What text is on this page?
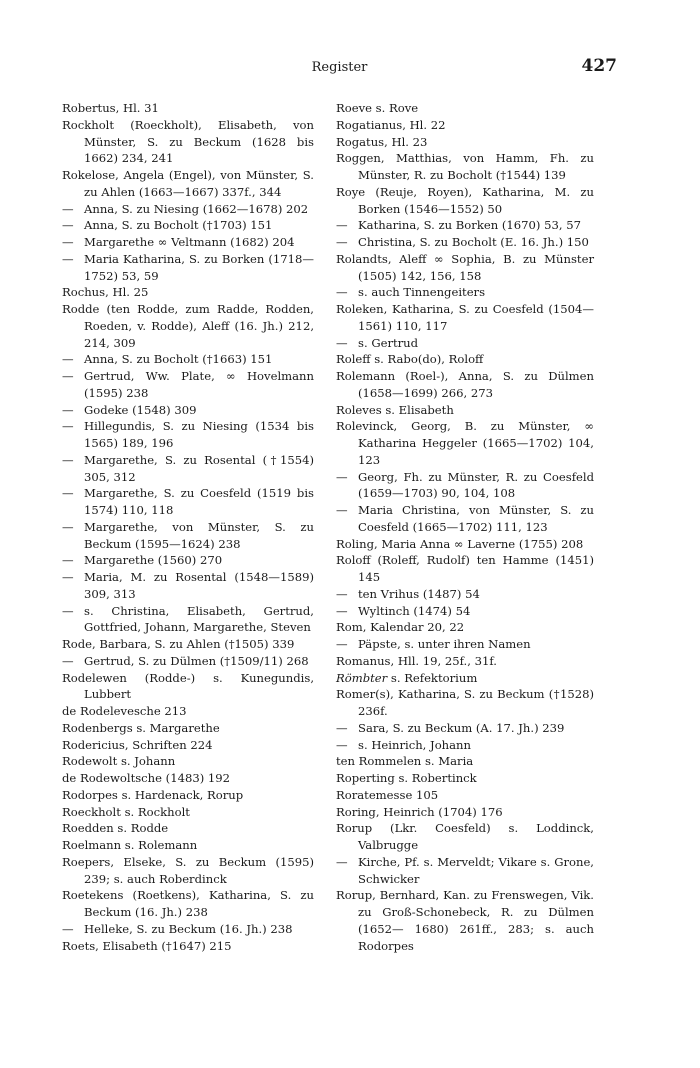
Register	427

Robertus, Hl. 31

Rockholt (Roeckholt), Elisabeth, von Münster, S. zu Beckum (1628 bis 1662) 234, 241

Rokelose, Angela (Engel), von Münster, S. zu Ahlen (1663—1667) 337f., 344

— Anna, S. zu Niesing (1662—1678) 202

— Anna, S. zu Bocholt (†1703) 151

— Margarethe ∞ Veltmann (1682) 204

— Maria Katharina, S. zu Borken (1718—1752) 53, 59

Rochus, Hl. 25

Rodde (ten Rodde, zum Radde, Rodden, Roeden, v. Rodde), Aleff (16. Jh.) 212, 214, 309

— Anna, S. zu Bocholt (†1663) 151

— Gertrud, Ww. Plate, ∞ Hovelmann (1595) 238

— Godeke (1548) 309

— Hillegundis, S. zu Niesing (1534 bis 1565) 189, 196

— Margarethe, S. zu Rosental (†1554) 305, 312

— Margarethe, S. zu Coesfeld (1519 bis 1574) 110, 118

— Margarethe, von Münster, S. zu Beckum (1595—1624) 238

— Margarethe (1560) 270

— Maria, M. zu Rosental (1548—1589) 309, 313

— s. Christina, Elisabeth, Gertrud, Gottfried, Johann, Margarethe, Steven

Rode, Barbara, S. zu Ahlen (†1505) 339

— Gertrud, S. zu Dülmen (†1509/11) 268

Rodelewen (Rodde-) s. Kunegundis, Lubbert

de Rodelevesche 213

Rodenbergs s. Margarethe

Rodericius, Schriften 224

Rodewolt s. Johann

de Rodewoltsche (1483) 192

Rodorpes s. Hardenack, Rorup

Roeckholt s. Rockholt

Roedden s. Rodde

Roelmann s. Rolemann

Roepers, Elseke, S. zu Beckum (1595) 239; s. auch Roberdinck

Roetekens (Roetkens), Katharina, S. zu Beckum (16. Jh.) 238

— Helleke, S. zu Beckum (16. Jh.) 238

Roets, Elisabeth (†1647) 215

Roeve s. Rove

Rogatianus, Hl. 22

Rogatus, Hl. 23

Roggen, Matthias, von Hamm, Fh. zu Münster, R. zu Bocholt (†1544) 139

Roye (Reuje, Royen), Katharina, M. zu Borken (1546—1552) 50

— Katharina, S. zu Borken (1670) 53, 57

— Christina, S. zu Bocholt (E. 16. Jh.) 150

Rolandts, Aleff ∞ Sophia, B. zu Münster (1505) 142, 156, 158

— s. auch Tinnengeiters

Roleken, Katharina, S. zu Coesfeld (1504—1561) 110, 117

— s. Gertrud

Roleff s. Rabo(do), Roloff

Rolemann (Roel-), Anna, S. zu Dülmen (1658—1699) 266, 273

Roleves s. Elisabeth

Rolevinck, Georg, B. zu Münster, ∞ Katharina Heggeler (1665—1702) 104, 123

— Georg, Fh. zu Münster, R. zu Coesfeld (1659—1703) 90, 104, 108

— Maria Christina, von Münster, S. zu Coesfeld (1665—1702) 111, 123

Roling, Maria Anna ∞ Laverne (1755) 208

Roloff (Roleff, Rudolf) ten Hamme (1451) 145

— ten Vrihus (1487) 54

— Wyltinch (1474) 54

Rom, Kalendar 20, 22

— Päpste, s. unter ihren Namen

Romanus, Hll. 19, 25f., 31f.

Römbter s. Refektorium

Romer(s), Katharina, S. zu Beckum (†1528) 236f.

— Sara, S. zu Beckum (A. 17. Jh.) 239

— s. Heinrich, Johann

ten Rommelen s. Maria

Roperting s. Robertinck

Roratemesse 105

Roring, Heinrich (1704) 176

Rorup (Lkr. Coesfeld) s. Loddinck, Valbrugge

— Kirche, Pf. s. Merveldt; Vikare s. Grone, Schwicker

Rorup, Bernhard, Kan. zu Frenswegen, Vik. zu Groß-Schonebeck, R. zu Dülmen (1652— 1680) 261ff., 283; s. auch Rodorpes
